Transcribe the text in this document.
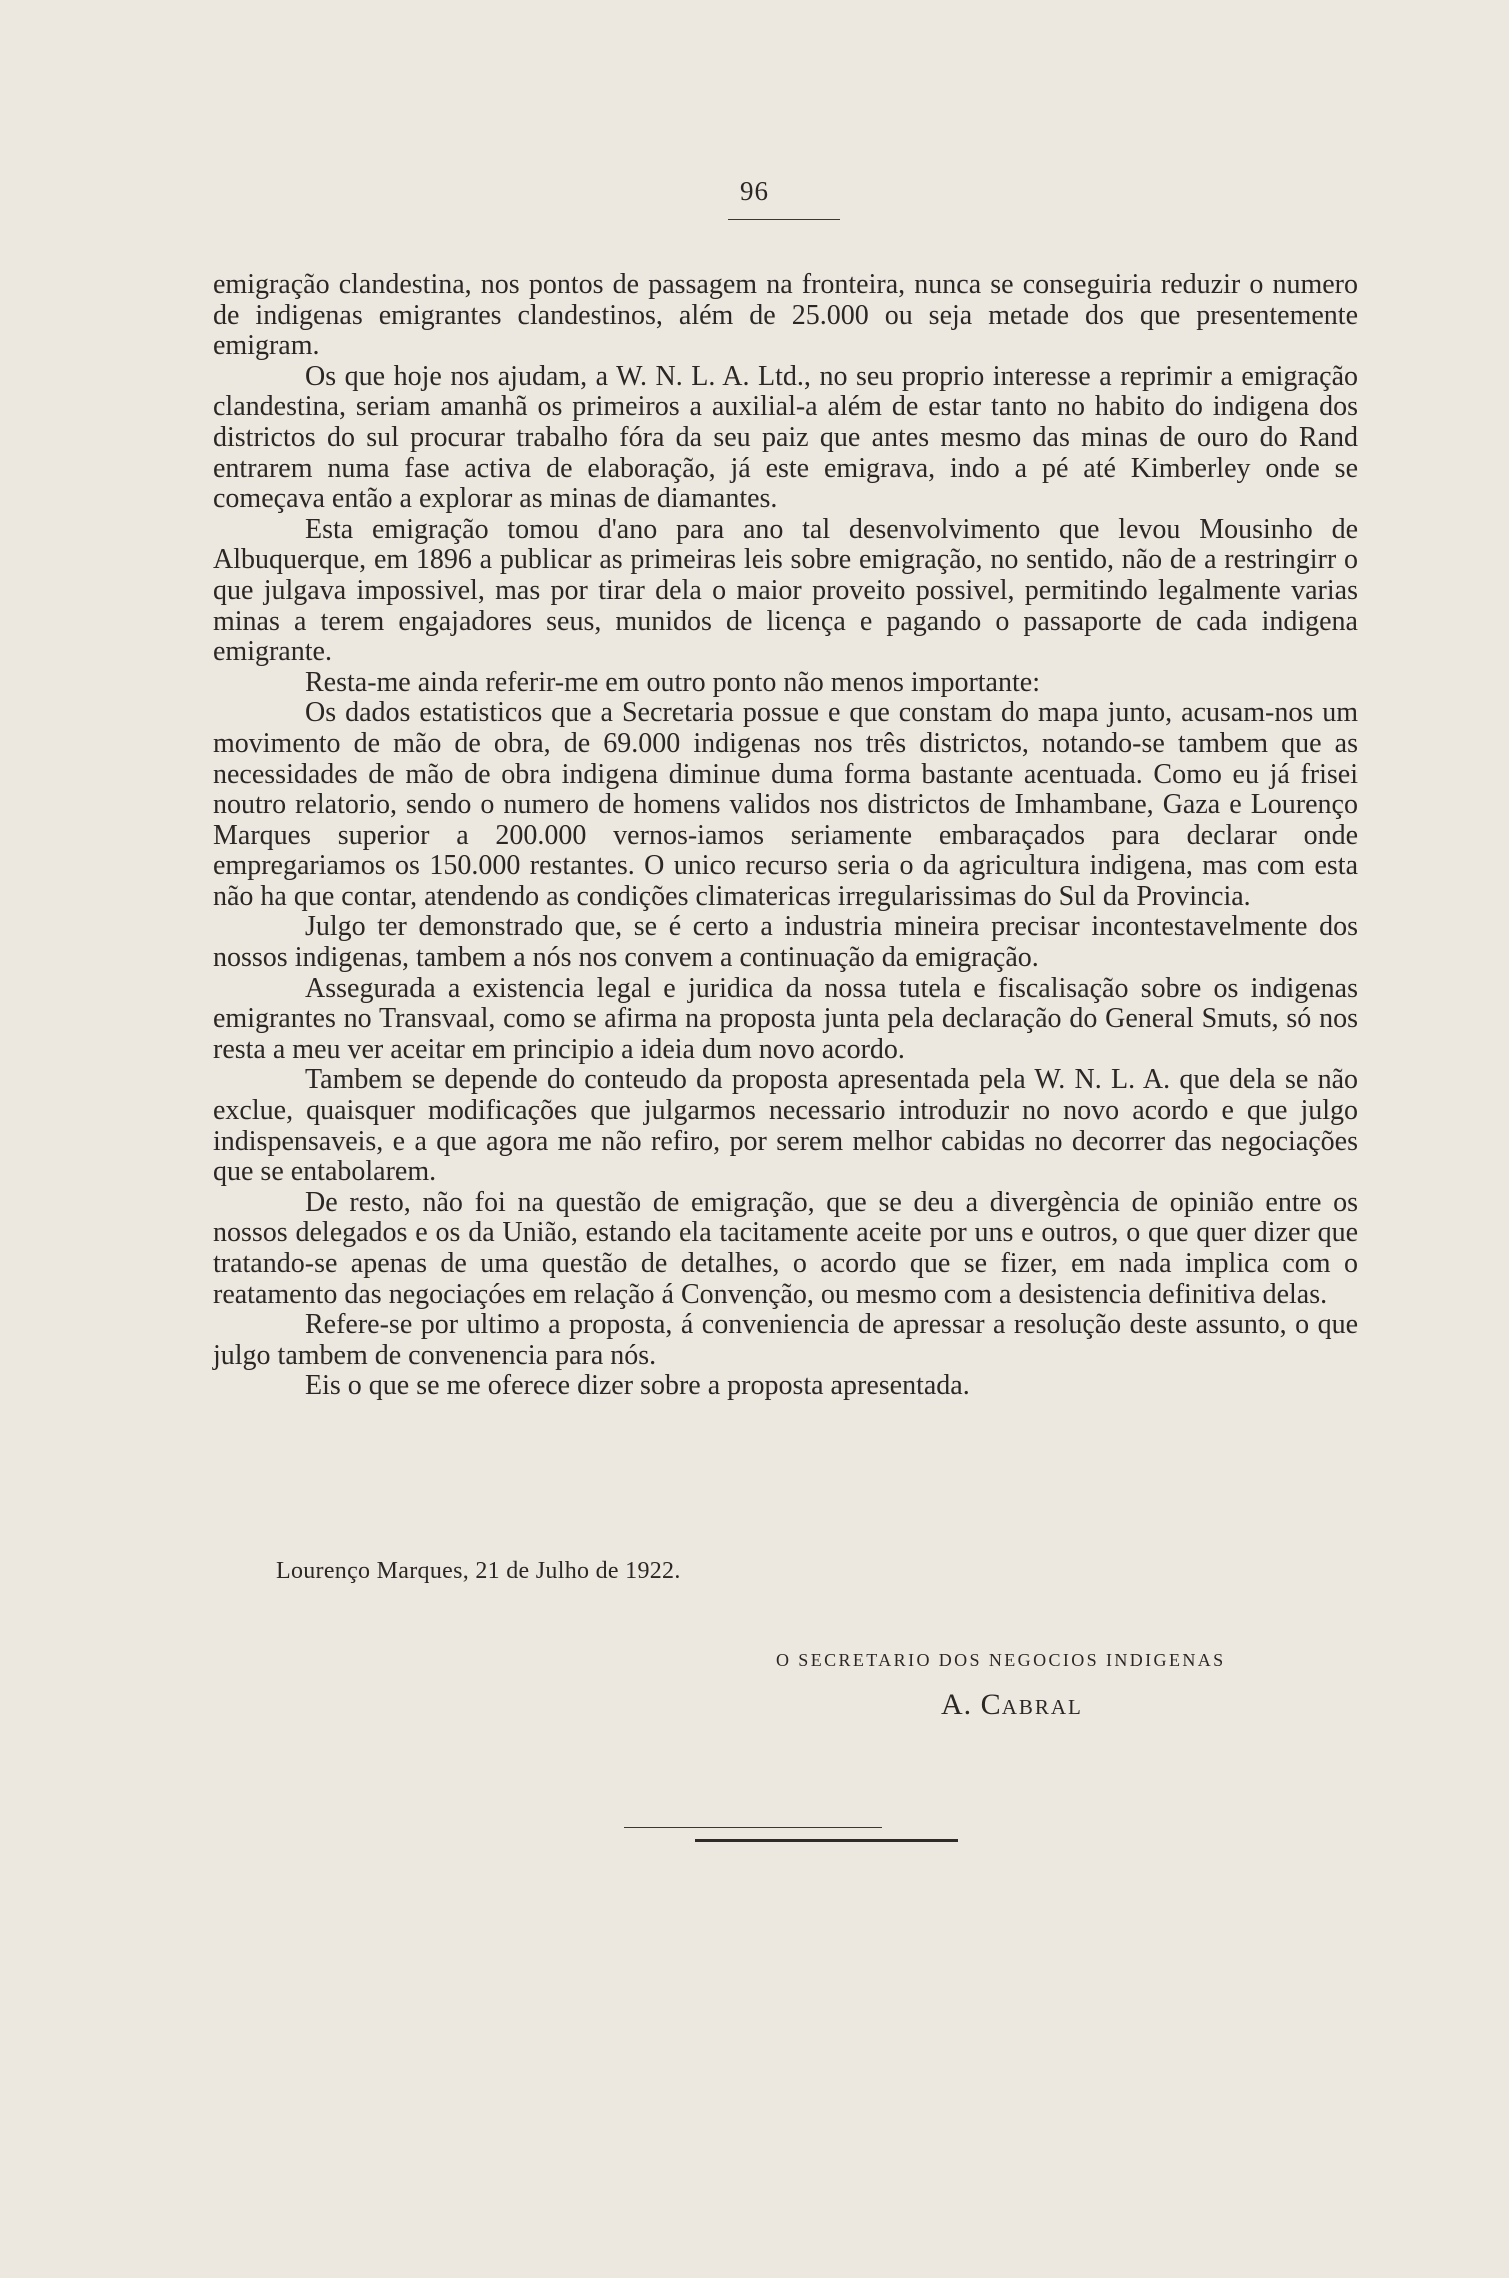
96

emigração clandestina, nos pontos de passagem na fronteira, nunca se conseguiria reduzir o numero de indigenas emigrantes clandestinos, além de 25.000 ou seja metade dos que presentemente emigram.

Os que hoje nos ajudam, a W. N. L. A. Ltd., no seu proprio interesse a reprimir a emigração clandestina, seriam amanhã os primeiros a auxilial-a além de estar tanto no habito do indigena dos districtos do sul procurar trabalho fóra da seu paiz que antes mesmo das minas de ouro do Rand entrarem numa fase activa de elaboração, já este emigrava, indo a pé até Kimberley onde se começava então a explorar as minas de diamantes.

Esta emigração tomou d'ano para ano tal desenvolvimento que levou Mousinho de Albuquerque, em 1896 a publicar as primeiras leis sobre emigração, no sentido, não de a restringirr o que julgava impossivel, mas por tirar dela o maior proveito possivel, permitindo legalmente varias minas a terem engajadores seus, munidos de licença e pagando o passaporte de cada indigena emigrante.

Resta-me ainda referir-me em outro ponto não menos importante:

Os dados estatisticos que a Secretaria possue e que constam do mapa junto, acusam-nos um movimento de mão de obra, de 69.000 indigenas nos três districtos, notando-se tambem que as necessidades de mão de obra indigena diminue duma forma bastante acentuada. Como eu já frisei noutro relatorio, sendo o numero de homens validos nos districtos de Imhambane, Gaza e Lourenço Marques superior a 200.000 vernos-iamos seriamente embaraçados para declarar onde empregariamos os 150.000 restantes. O unico recurso seria o da agricultura indigena, mas com esta não ha que contar, atendendo as condições climatericas irregularissimas do Sul da Provincia.

Julgo ter demonstrado que, se é certo a industria mineira precisar incontestavelmente dos nossos indigenas, tambem a nós nos convem a continuação da emigração.

Assegurada a existencia legal e juridica da nossa tutela e fiscalisação sobre os indigenas emigrantes no Transvaal, como se afirma na proposta junta pela declaração do General Smuts, só nos resta a meu ver aceitar em principio a ideia dum novo acordo.

Tambem se depende do conteudo da proposta apresentada pela W. N. L. A. que dela se não exclue, quaisquer modificações que julgarmos necessario introduzir no novo acordo e que julgo indispensaveis, e a que agora me não refiro, por serem melhor cabidas no decorrer das negociações que se entabolarem.

De resto, não foi na questão de emigração, que se deu a divergència de opinião entre os nossos delegados e os da União, estando ela tacitamente aceite por uns e outros, o que quer dizer que tratando-se apenas de uma questão de detalhes, o acordo que se fizer, em nada implica com o reatamento das negociaçóes em relação á Convenção, ou mesmo com a desistencia definitiva delas.

Refere-se por ultimo a proposta, á conveniencia de apressar a resolução deste assunto, o que julgo tambem de convenencia para nós.

Eis o que se me oferece dizer sobre a proposta apresentada.

Lourenço Marques, 21 de Julho de 1922.
O SECRETARIO DOS NEGOCIOS INDIGENAS
A. CABRAL
